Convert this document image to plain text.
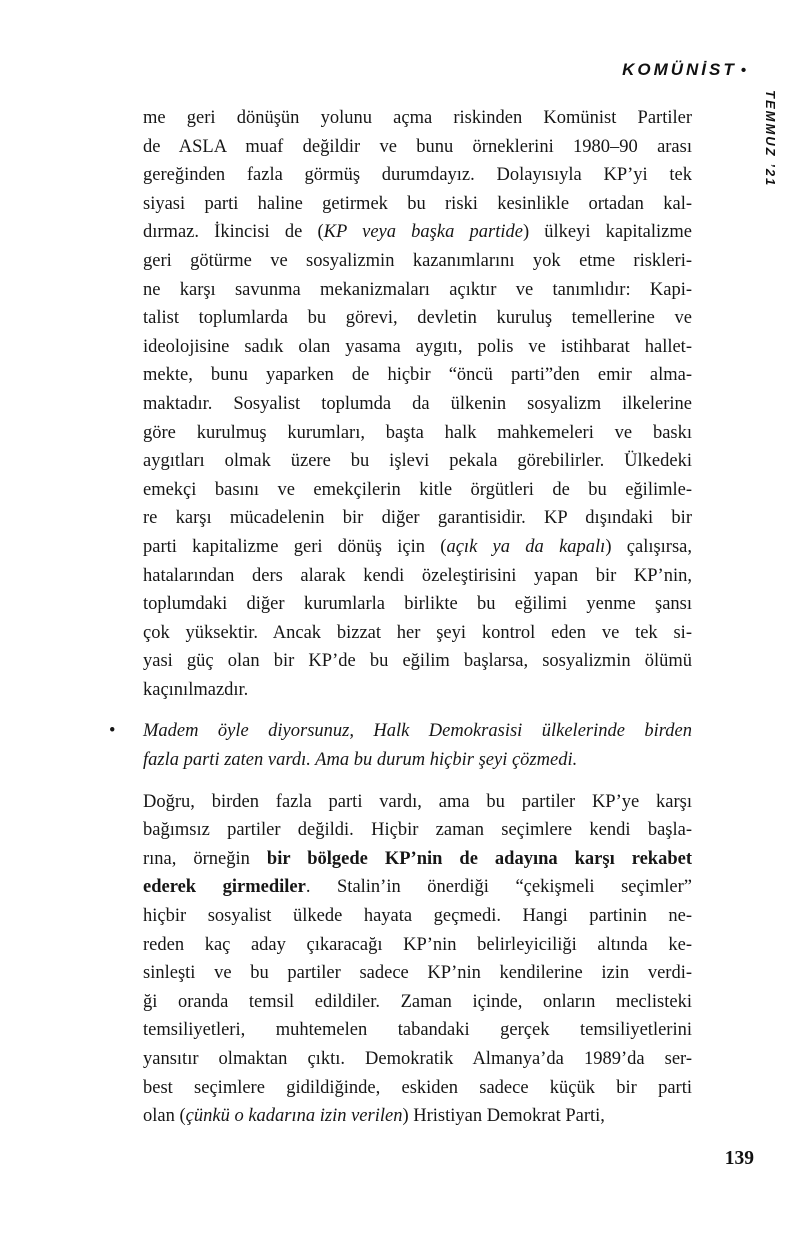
KOMÜNİST •
TEMMUZ ’21
me geri dönüşün yolunu açma riskinden Komünist Partiler
de ASLA muaf değildir ve bunu örneklerini 1980–90 arası
gereğinden fazla görmüş durumdayız. Dolayısıyla KP’yi tek
siyasi parti haline getirmek bu riski kesinlikle ortadan kal-
dırmaz. İkincisi de (KP veya başka partide) ülkeyi kapitalizme
geri götürme ve sosyalizmin kazanımlarını yok etme riskleri-
ne karşı savunma mekanizmaları açıktır ve tanımlıdır: Kapi-
talist toplumlarda bu görevi, devletin kuruluş temellerine ve
ideolojisine sadık olan yasama aygıtı, polis ve istihbarat hallet-
mekte, bunu yaparken de hiçbir “öncü parti”den emir alma-
maktadır. Sosyalist toplumda da ülkenin sosyalizm ilkelerine
göre kurulmuş kurumları, başta halk mahkemeleri ve baskı
aygıtları olmak üzere bu işlevi pekala görebilirler. Ülkedeki
emekçi basını ve emekçilerin kitle örgütleri de bu eğilimle-
re karşı mücadelenin bir diğer garantisidir. KP dışındaki bir
parti kapitalizme geri dönüş için (açık ya da kapalı) çalışırsa,
hatalarından ders alarak kendi özeleştirisini yapan bir KP’nin,
toplumdaki diğer kurumlarla birlikte bu eğilimi yenme şansı
çok yüksektir. Ancak bizzat her şeyi kontrol eden ve tek si-
yasi güç olan bir KP’de bu eğilim başlarsa, sosyalizmin ölümü
kaçınılmazdır.
• Madem öyle diyorsunuz, Halk Demokrasisi ülkelerinde birden
fazla parti zaten vardı. Ama bu durum hiçbir şeyi çözmedi.
Doğru, birden fazla parti vardı, ama bu partiler KP’ye karşı
bağımsız partiler değildi. Hiçbir zaman seçimlere kendi başla-
rına, örneğin bir bölgede KP’nin de adayına karşı rekabet
ederek girmediler. Stalin’in önerdiği “çekişmeli seçimler”
hiçbir sosyalist ülkede hayata geçmedi. Hangi partinin ne-
reden kaç aday çıkaracağı KP’nin belirleyiciliği altında ke-
sinleşti ve bu partiler sadece KP’nin kendilerine izin verdi-
ği oranda temsil edildiler. Zaman içinde, onların meclisteki
temsiliyetleri, muhtemelen tabandaki gerçek temsiliyetlerini
yansıtır olmaktan çıktı. Demokratik Almanya’da 1989’da ser-
best seçimlere gidildiğinde, eskiden sadece küçük bir parti
olan (çünkü o kadarına izin verilen) Hristiyan Demokrat Parti,
139
